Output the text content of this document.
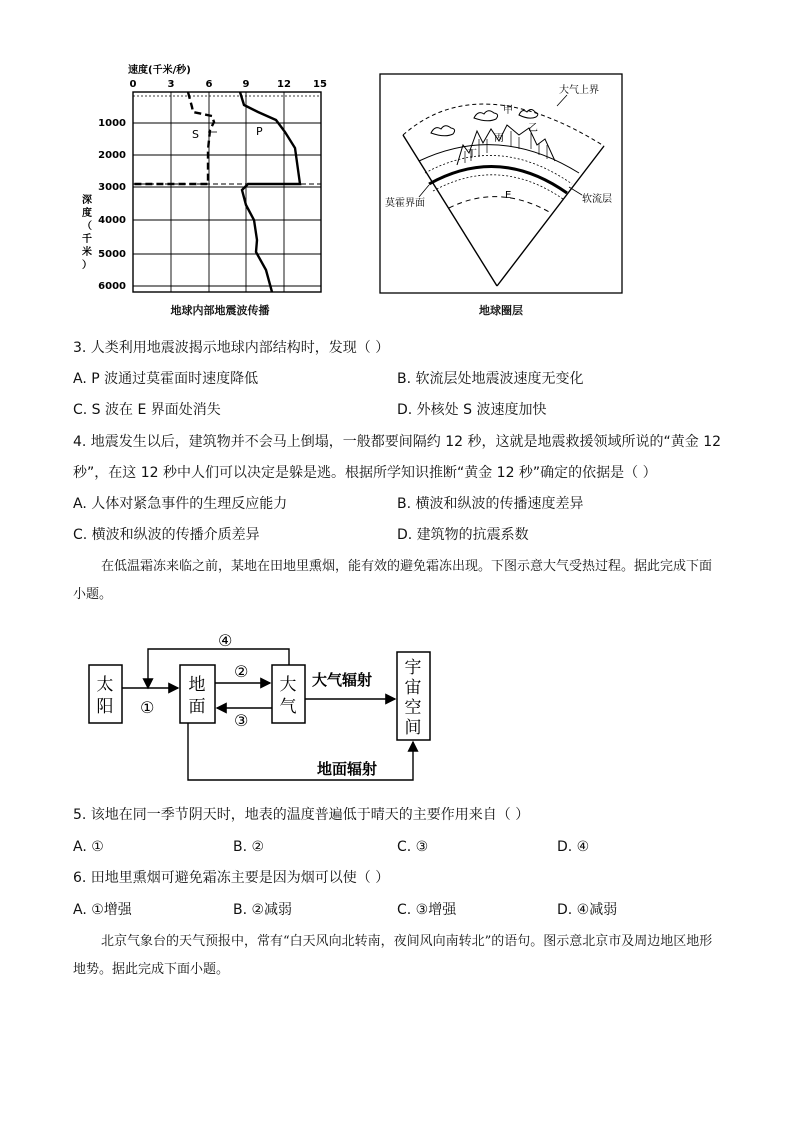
速度(千米/秒)
0	3	6	9	12 15
1000
2000
3000
4000
5000
6000
深
度
（
千
米
）
S	P
地球内部地震波传播
大气上界
甲
乙
丙
丁
E
莫霍界面	软流层
地球圈层
3. 人类利用地震波揭示地球内部结构时，发现（ ）
A. P 波通过莫霍面时速度降低	B. 软流层处地震波速度无变化
C. S 波在 E 界面处消失	D. 外核处 S 波速度加快
4. 地震发生以后，建筑物并不会马上倒塌，一般都要间隔约 12 秒，这就是地震救援领域所说的“黄金 12
秒”，在这 12 秒中人们可以决定是躲是逃。根据所学知识推断“黄金 12 秒”确定的依据是（ ）
A. 人体对紧急事件的生理反应能力	B. 横波和纵波的传播速度差异
C. 横波和纵波的传播介质差异	D. 建筑物的抗震系数
在低温霜冻来临之前，某地在田地里熏烟，能有效的避免霜冻出现。下图示意大气受热过程。据此完成下面小题。
太
阳
地
面
大
气
宇
宙
空
间
①
②
③
④
大气辐射
地面辐射
5. 该地在同一季节阴天时，地表的温度普遍低于晴天的主要作用来自（ ）
A. ①	B. ②	C. ③	D. ④
6. 田地里熏烟可避免霜冻主要是因为烟可以使（ ）
A. ①增强	B. ②减弱	C. ③增强	D. ④减弱
北京气象台的天气预报中，常有“白天风向北转南，夜间风向南转北”的语句。图示意北京市及周边地区地形地势。据此完成下面小题。
